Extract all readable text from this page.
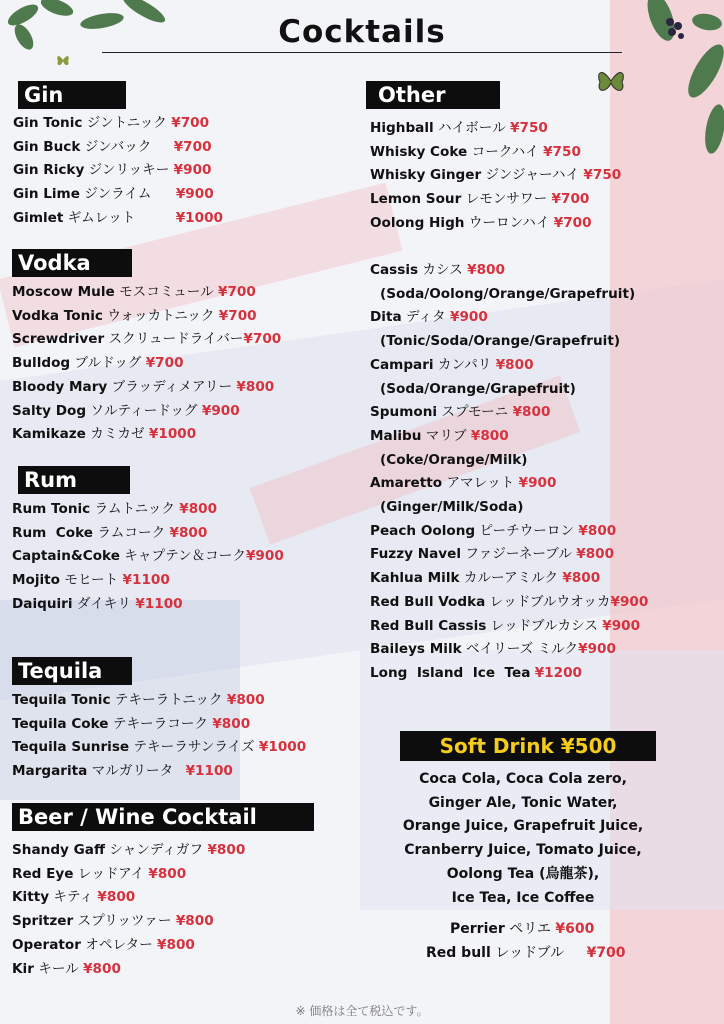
Cocktails
Gin
Gin Tonic ジントニック ¥700
Gin Buck ジンバック ¥700
Gin Ricky ジンリッキー ¥900
Gin Lime ジンライム ¥900
Gimlet ギムレット	¥1000
Vodka
Moscow Mule モスコミュール ¥700
Vodka Tonic ウォッカトニック ¥700
Screwdriver スクリュードライバー¥700
Bulldog ブルドッグ ¥700
Bloody Mary ブラッディメアリー ¥800
Salty Dog ソルティードッグ ¥900
Kamikaze カミカゼ ¥1000
Rum
Rum Tonic ラムトニック ¥800
Rum  Coke ラムコーク ¥800
Captain&Coke キャプテン＆コーク¥900
Mojito モヒート ¥1100
Daiquiri ダイキリ ¥1100
Tequila
Tequila Tonic テキーラトニック ¥800
Tequila Coke テキーラコーク ¥800
Tequila Sunrise テキーラサンライズ ¥1000
Margarita マルガリータ ¥1100
Beer / Wine Cocktail
Shandy Gaff シャンディガフ ¥800
Red Eye レッドアイ ¥800
Kitty キティ ¥800
Spritzer スプリッツァー ¥800
Operator オペレター ¥800
Kir キール ¥800
Other
Highball ハイボール ¥750
Whisky Coke コークハイ ¥750
Whisky Ginger ジンジャーハイ ¥750
Lemon Sour レモンサワー ¥700
Oolong High ウーロンハイ ¥700
Cassis カシス ¥800
(Soda/Oolong/Orange/Grapefruit)
Dita ディタ ¥900
(Tonic/Soda/Orange/Grapefruit)
Campari カンパリ ¥800
(Soda/Orange/Grapefruit)
Spumoni スプモーニ ¥800
Malibu マリブ ¥800
(Coke/Orange/Milk)
Amaretto アマレット ¥900
(Ginger/Milk/Soda)
Peach Oolong ピーチウーロン ¥800
Fuzzy Navel ファジーネーブル ¥800
Kahlua Milk カルーアミルク ¥800
Red Bull Vodka レッドブルウオッカ¥900
Red Bull Cassis レッドブルカシス ¥900
Baileys Milk ベイリーズ ミルク¥900
Long  Island  Ice  Tea ¥1200
Soft Drink ¥500
Coca Cola, Coca Cola zero,
Ginger Ale, Tonic Water,
Orange Juice, Grapefruit Juice,
Cranberry Juice, Tomato Juice,
Oolong Tea (烏龍茶),
Ice Tea, Ice Coffee
Perrier ペリエ ¥600
Red bull レッドブル ¥700
※ 価格は全て税込です。
